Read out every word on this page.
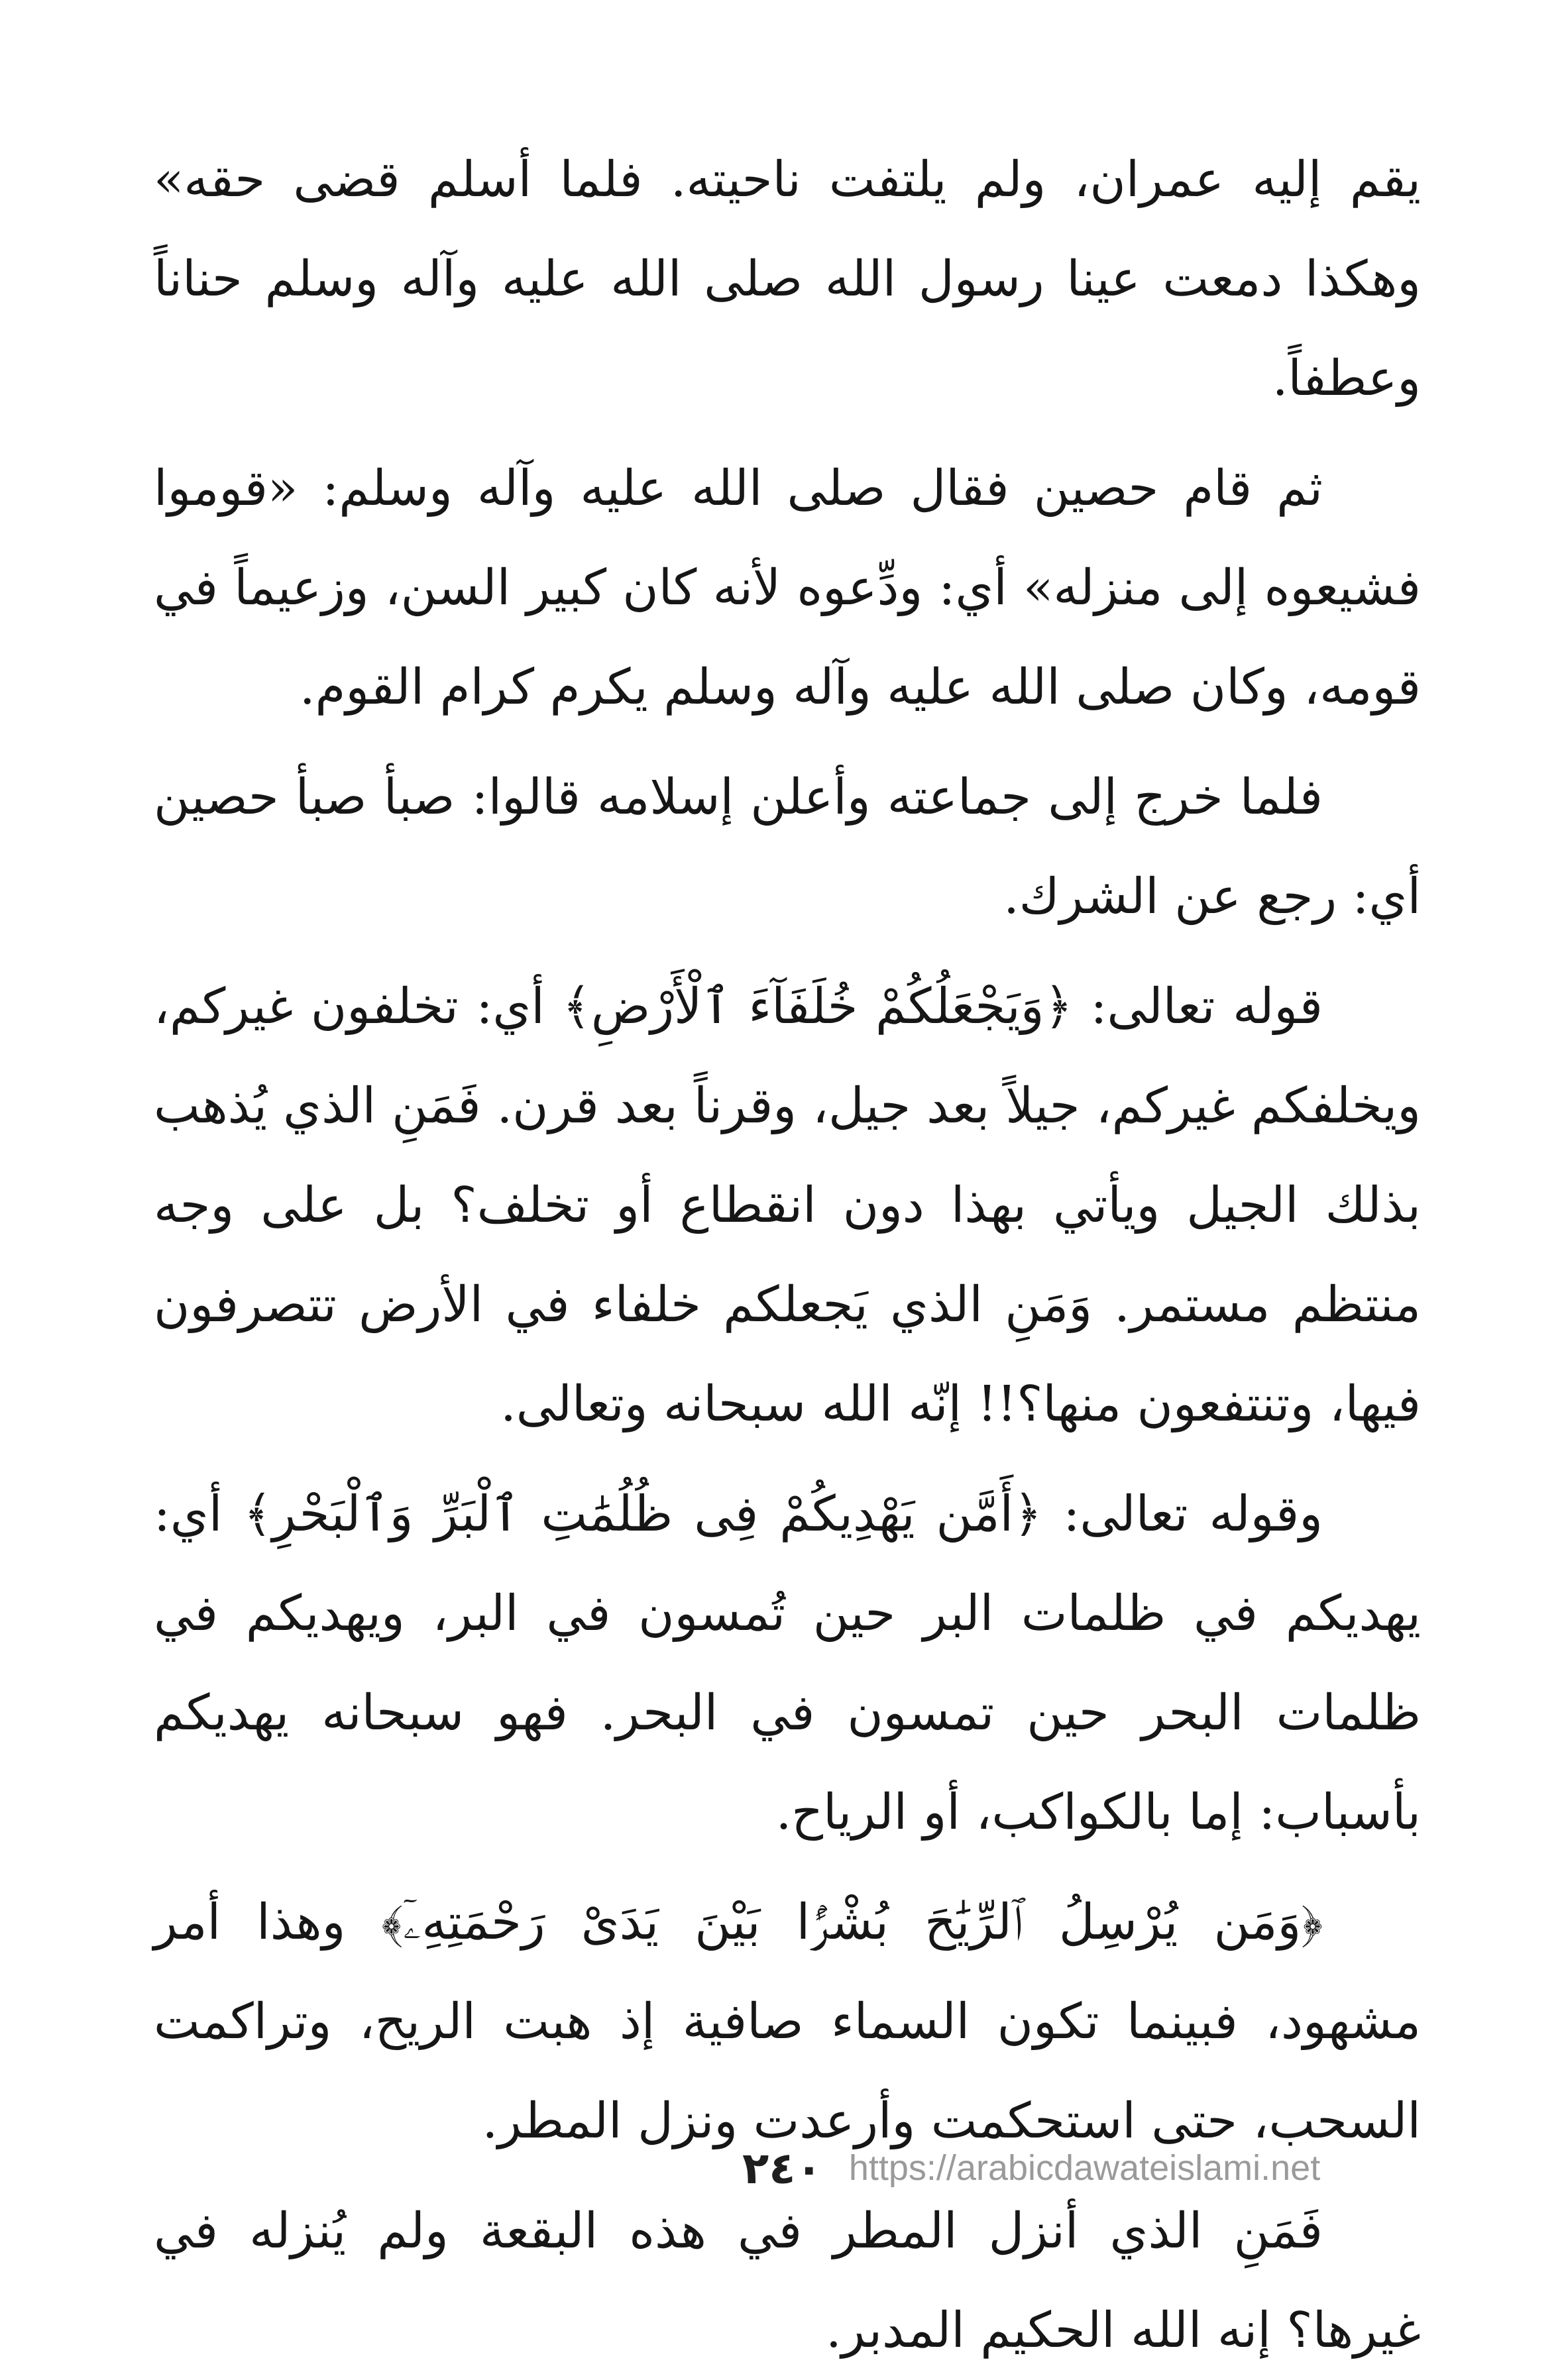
يقم إليه عمران، ولم يلتفت ناحيته. فلما أسلم قضى حقه» وهكذا دمعت عينا رسول الله صلى الله عليه وآله وسلم حناناً وعطفاً.

ثم قام حصين فقال صلى الله عليه وآله وسلم: «قوموا فشيعوه إلى منزله» أي: ودِّعوه لأنه كان كبير السن، وزعيماً في قومه، وكان صلى الله عليه وآله وسلم يكرم كرام القوم.

فلما خرج إلى جماعته وأعلن إسلامه قالوا: صبأ صبأ حصين أي: رجع عن الشرك.

قوله تعالى: ﴿وَيَجْعَلُكُمْ خُلَفَآءَ ٱلْأَرْضِ﴾ أي: تخلفون غيركم، ويخلفكم غيركم، جيلاً بعد جيل، وقرناً بعد قرن. فَمَنِ الذي يُذهب بذلك الجيل ويأتي بهذا دون انقطاع أو تخلف؟ بل على وجه منتظم مستمر. وَمَنِ الذي يَجعلكم خلفاء في الأرض تتصرفون فيها، وتنتفعون منها؟!! إنّه الله سبحانه وتعالى.

وقوله تعالى: ﴿أَمَّن يَهْدِيكُمْ فِى ظُلُمَٰتِ ٱلْبَرِّ وَٱلْبَحْرِ﴾ أي: يهديكم في ظلمات البر حين تُمسون في البر، ويهديكم في ظلمات البحر حين تمسون في البحر. فهو سبحانه يهديكم بأسباب: إما بالكواكب، أو الرياح.

﴿وَمَن يُرْسِلُ ٱلرِّيَٰحَ بُشْرًۢا بَيْنَ يَدَىْ رَحْمَتِهِۦٓ﴾ وهذا أمر مشهود، فبينما تكون السماء صافية إذ هبت الريح، وتراكمت السحب، حتى استحكمت وأرعدت ونزل المطر.

فَمَنِ الذي أنزل المطر في هذه البقعة ولم يُنزله في غيرها؟ إنه الله الحكيم المدبر.

٢٤٠ https://arabicdawateislami.net
